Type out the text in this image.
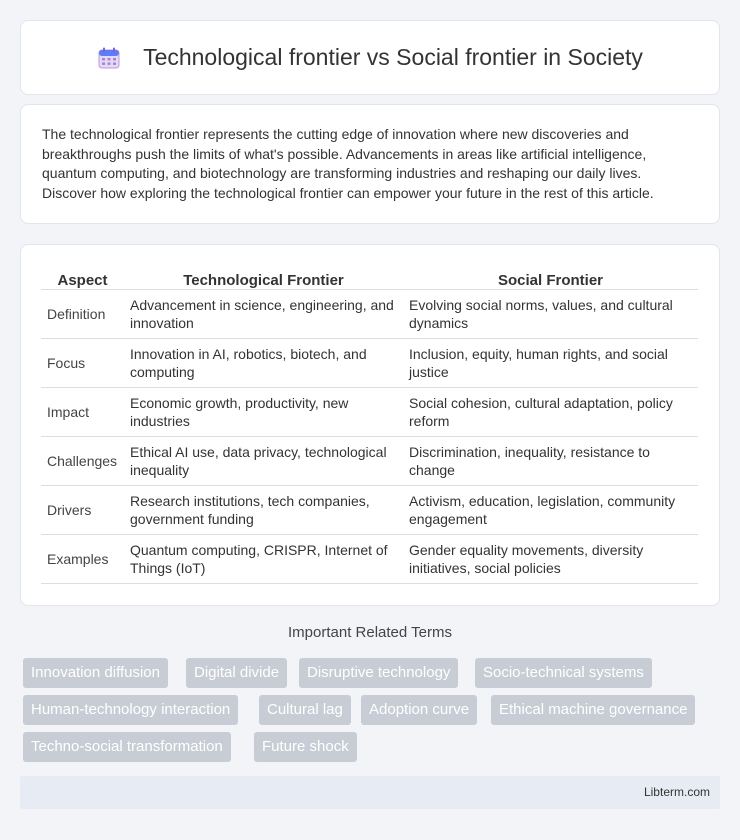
Technological frontier vs Social frontier in Society

The technological frontier represents the cutting edge of innovation where new discoveries and breakthroughs push the limits of what's possible. Advancements in areas like artificial intelligence, quantum computing, and biotechnology are transforming industries and reshaping our daily lives. Discover how exploring the technological frontier can empower your future in the rest of this article.

Aspect	Technological Frontier	Social Frontier
Definition	Advancement in science, engineering, and innovation	Evolving social norms, values, and cultural dynamics
Focus	Innovation in AI, robotics, biotech, and computing	Inclusion, equity, human rights, and social justice
Impact	Economic growth, productivity, new industries	Social cohesion, cultural adaptation, policy reform
Challenges	Ethical AI use, data privacy, technological inequality	Discrimination, inequality, resistance to change
Drivers	Research institutions, tech companies, government funding	Activism, education, legislation, community engagement
Examples	Quantum computing, CRISPR, Internet of Things (IoT)	Gender equality movements, diversity initiatives, social policies
Important Related Terms
Innovation diffusion	Digital divide	Disruptive technology	Socio-technical systems
Human-technology interaction	Cultural lag	Adoption curve	Ethical machine governance
Techno-social transformation	Future shock
Libterm.com
